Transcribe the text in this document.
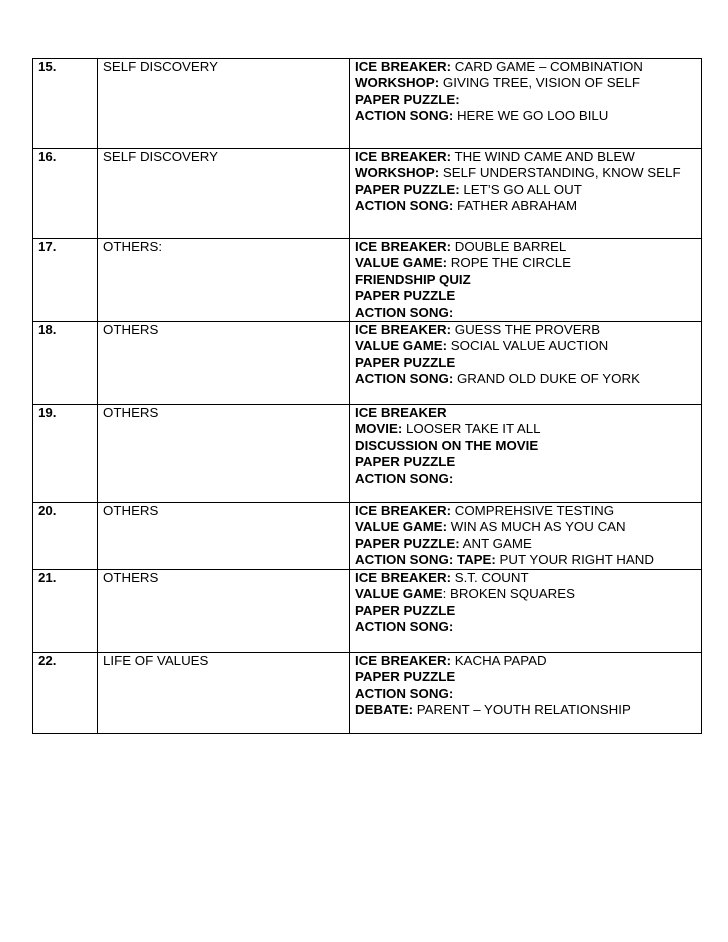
15.	SELF DISCOVERY	ICE BREAKER: CARD GAME – COMBINATION
WORKSHOP: GIVING TREE, VISION OF SELF
PAPER PUZZLE:
ACTION SONG: HERE WE GO LOO BILU

16.	SELF DISCOVERY	ICE BREAKER: THE WIND CAME AND BLEW
WORKSHOP: SELF UNDERSTANDING, KNOW SELF
PAPER PUZZLE: LET’S GO ALL OUT
ACTION SONG: FATHER ABRAHAM

17.	OTHERS:	ICE BREAKER: DOUBLE BARREL
VALUE GAME: ROPE THE CIRCLE
FRIENDSHIP QUIZ
PAPER PUZZLE
ACTION SONG:

18.	OTHERS	ICE BREAKER: GUESS THE PROVERB
VALUE GAME: SOCIAL VALUE AUCTION
PAPER PUZZLE
ACTION SONG: GRAND OLD DUKE OF YORK

19.	OTHERS	ICE BREAKER
MOVIE: LOOSER TAKE IT ALL
DISCUSSION ON THE MOVIE
PAPER PUZZLE
ACTION SONG:

20.	OTHERS	ICE BREAKER: COMPREHSIVE TESTING
VALUE GAME: WIN AS MUCH AS YOU CAN
PAPER PUZZLE: ANT GAME
ACTION SONG: TAPE: PUT YOUR RIGHT HAND

21.	OTHERS	ICE BREAKER: S.T. COUNT
VALUE GAME: BROKEN SQUARES
PAPER PUZZLE
ACTION SONG:

22.	LIFE OF VALUES	ICE BREAKER: KACHA PAPAD
PAPER PUZZLE
ACTION SONG:
DEBATE: PARENT – YOUTH RELATIONSHIP
